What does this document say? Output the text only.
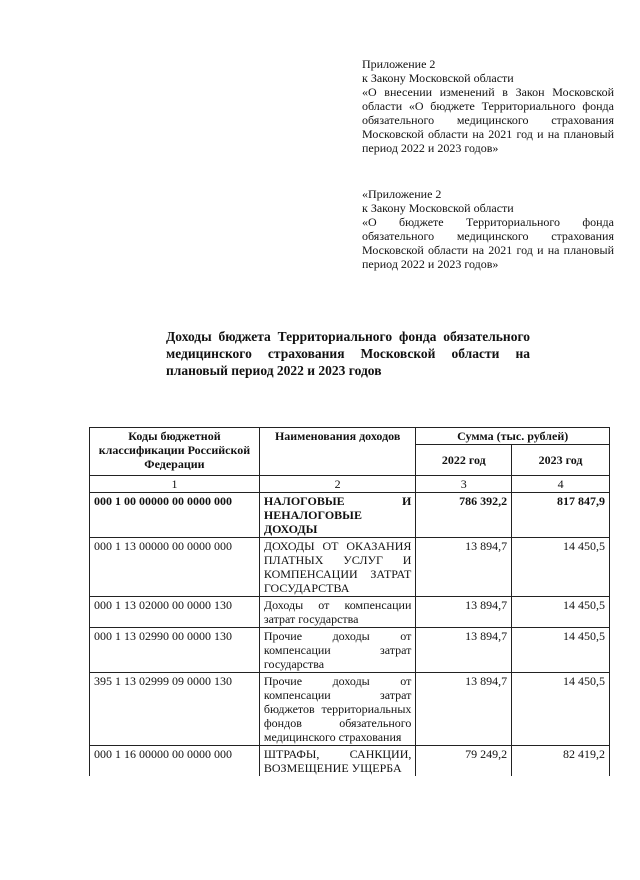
Приложение 2
к Закону Московской области
«О внесении изменений в Закон Московской области «О бюджете Территориального фонда обязательного медицинского страхования Московской области на 2021 год и на плановый период 2022 и 2023 годов»
«Приложение 2
к Закону Московской области
«О бюджете Территориального фонда обязательного медицинского страхования Московской области на 2021 год и на плановый период 2022 и 2023 годов»
Доходы бюджета Территориального фонда обязательного медицинского страхования Московской области на плановый период 2022 и 2023 годов
Коды бюджетной классификации Российской Федерации	Наименования доходов	Сумма (тыс. рублей)	
		2022 год	2023 год
1	2	3	4
000 1 00 00000 00 0000 000	НАЛОГОВЫЕ И НЕНАЛОГОВЫЕ ДОХОДЫ	786 392,2	817 847,9
000 1 13 00000 00 0000 000	ДОХОДЫ ОТ ОКАЗАНИЯ ПЛАТНЫХ УСЛУГ И КОМПЕНСАЦИИ ЗАТРАТ ГОСУДАРСТВА	13 894,7	14 450,5
000 1 13 02000 00 0000 130	Доходы от компенсации затрат государства	13 894,7	14 450,5
000 1 13 02990 00 0000 130	Прочие доходы от компенсации затрат государства	13 894,7	14 450,5
395 1 13 02999 09 0000 130	Прочие доходы от компенсации затрат бюджетов территориальных фондов обязательного медицинского страхования	13 894,7	14 450,5
000 1 16 00000 00 0000 000	ШТРАФЫ, САНКЦИИ, ВОЗМЕЩЕНИЕ УЩЕРБА	79 249,2	82 419,2
